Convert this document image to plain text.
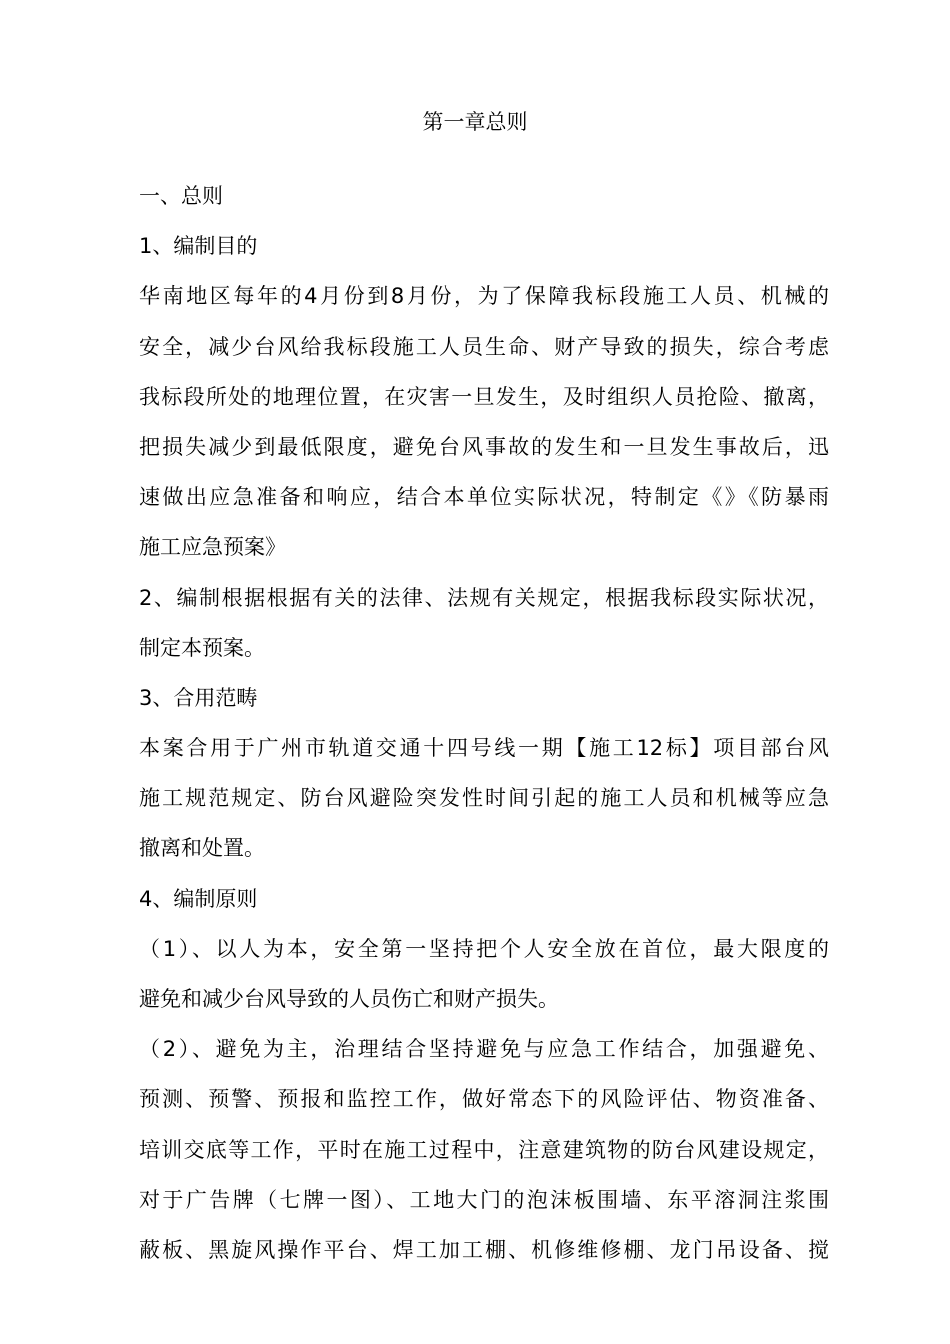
第一章总则
一、总则
1、编制目的
华南地区每年的4月份到8月份，为了保障我标段施工人员、机械的
安全，减少台风给我标段施工人员生命、财产导致的损失，综合考虑
我标段所处的地理位置，在灾害一旦发生，及时组织人员抢险、撤离，
把损失减少到最低限度，避免台风事故的发生和一旦发生事故后，迅
速做出应急准备和响应，结合本单位实际状况，特制定《》《防暴雨
施工应急预案》
2、编制根据根据有关的法律、法规有关规定，根据我标段实际状况，
制定本预案。
3、合用范畴
本案合用于广州市轨道交通十四号线一期【施工12标】项目部台风
施工规范规定、防台风避险突发性时间引起的施工人员和机械等应急
撤离和处置。
4、编制原则
（1）、以人为本，安全第一坚持把个人安全放在首位，最大限度的
避免和减少台风导致的人员伤亡和财产损失。
（2）、避免为主，治理结合坚持避免与应急工作结合，加强避免、
预测、预警、预报和监控工作，做好常态下的风险评估、物资准备、
培训交底等工作，平时在施工过程中，注意建筑物的防台风建设规定，
对于广告牌（七牌一图）、工地大门的泡沫板围墙、东平溶洞注浆围
蔽板、黑旋风操作平台、焊工加工棚、机修维修棚、龙门吊设备、搅
